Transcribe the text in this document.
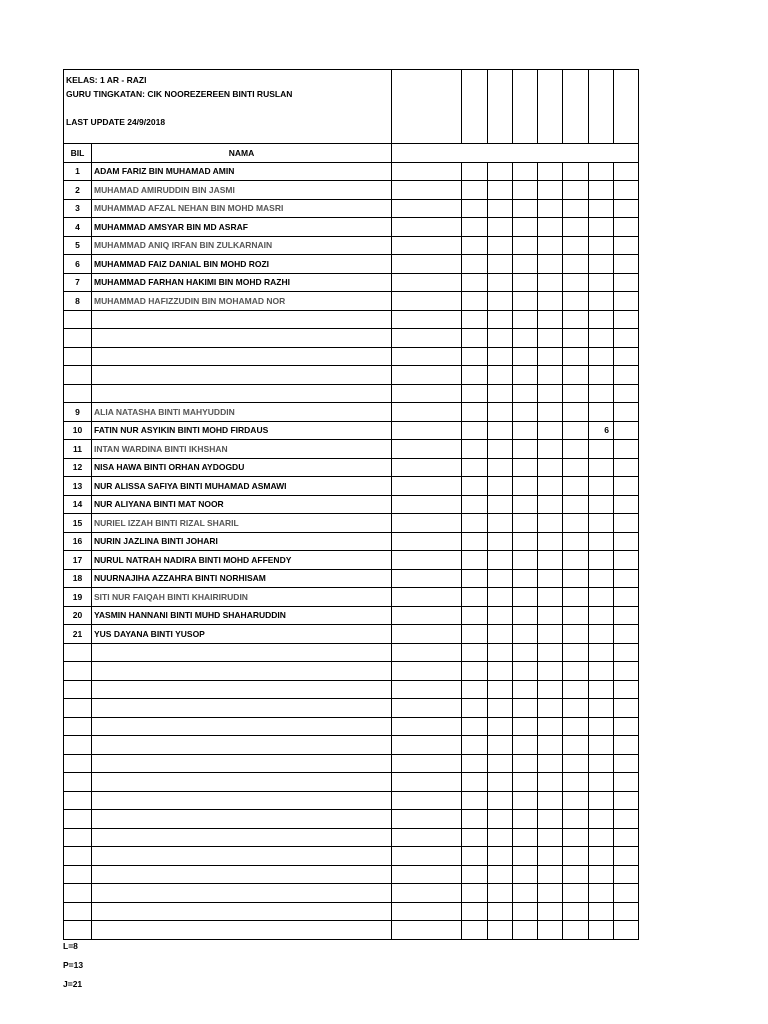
KELAS: 1 AR - RAZI
GURU TINGKATAN: CIK NOOREZEREEN BINTI RUSLAN
LAST UPDATE 24/9/2018									

BIL	NAMA								
1	ADAM FARIZ BIN MUHAMAD AMIN								
2	MUHAMAD AMIRUDDIN BIN JASMI								
3	MUHAMMAD AFZAL NEHAN BIN MOHD MASRI								
4	MUHAMMAD AMSYAR BIN MD ASRAF								
5	MUHAMMAD ANIQ IRFAN BIN ZULKARNAIN								
6	MUHAMMAD FAIZ DANIAL BIN MOHD ROZI								
7	MUHAMMAD FARHAN HAKIMI BIN MOHD RAZHI								
8	MUHAMMAD HAFIZZUDIN BIN MOHAMAD NOR								

9	ALIA NATASHA BINTI MAHYUDDIN								
10	FATIN NUR ASYIKIN BINTI MOHD FIRDAUS							6	
11	INTAN WARDINA BINTI IKHSHAN								
12	NISA HAWA BINTI ORHAN AYDOGDU								
13	NUR ALISSA SAFIYA BINTI MUHAMAD ASMAWI								
14	NUR ALIYANA BINTI MAT NOOR								
15	NURIEL IZZAH BINTI RIZAL SHARIL								
16	NURIN JAZLINA BINTI JOHARI								
17	NURUL NATRAH NADIRA BINTI MOHD AFFENDY								
18	NUURNAJIHA AZZAHRA BINTI NORHISAM								
19	SITI NUR FAIQAH BINTI KHAIRIRUDIN								
20	YASMIN HANNANI BINTI MUHD SHAHARUDDIN								
21	YUS DAYANA BINTI YUSOP								

L=8
P=13
J=21
